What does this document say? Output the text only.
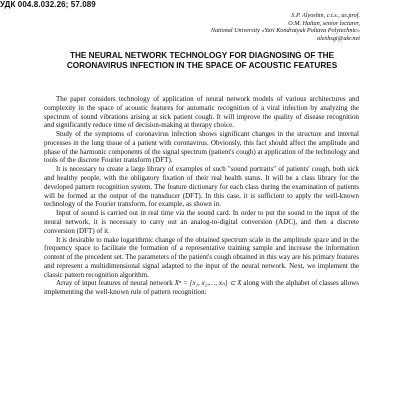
УДК 004.8.032.26; 57.089
THE NEURAL NETWORK TECHNOLOGY FOR DIAGNOSING OF THE CORONAVIRUS INFECTION IN THE SPACE OF ACOUSTIC FEATURES
S.P. Alyoshin, c.t.s., as.prof.
O.M. Haitan, senior lecturer,
National University «Yuri Kondratyuk Poltava Polytechnic»
alexhsgi@ukr.net

The paper considers technology of application of neural network models of various architectures and complexity in the space of acoustic features for automatic recognition of a viral infection by analyzing the spectrum of sound vibrations arising at sick patient cough. It will improve the quality of disease recognition and significantly reduce time of decision-making at therapy choice.

Study of the symptoms of coronavirus infection shows significant changes in the structure and internal processes in the lung tissue of a patient with coronavirus. Obviously, this fact should affect the amplitude and phase of the harmonic components of the signal spectrum (patient's cough) at application of the technology and tools of the discrete Fourier transform (DFT).

It is necessary to create a large library of examples of such "sound portraits" of patients' cough, both sick and healthy people, with the obligatory fixation of their real health status. It will be a class library for the developed pattern recognition system. The feature dictionary for each class during the examination of patients will be formed at the output of the transducer (DFT). In this case, it is sufficient to apply the well-known technology of the Fourier transform, for example, as shown in.

Input of sound is carried out in real time via the sound card. In order to put the sound to the input of the neural network, it is necessary to carry out an analog-to-digital conversion (ADC), and then a discrete conversion (DFT) of it.

It is desirable to make logarithmic change of the obtained spectrum scale in the amplitude space and in the frequency space to facilitate the formation of a representative training sample and increase the information content of the precedent set. The parameters of the patient's cough obtained in this way are his primary features and represent a multidimensional signal adapted to the input of the neural network. Next, we implement the classic pattern recognition algorithm.

Array of input features of neural network Xⁿ = {x₁, x₂,…, xₙ} ⊂ X along with the alphabet of classes allows implementing the well-known rule of pattern recognition:
